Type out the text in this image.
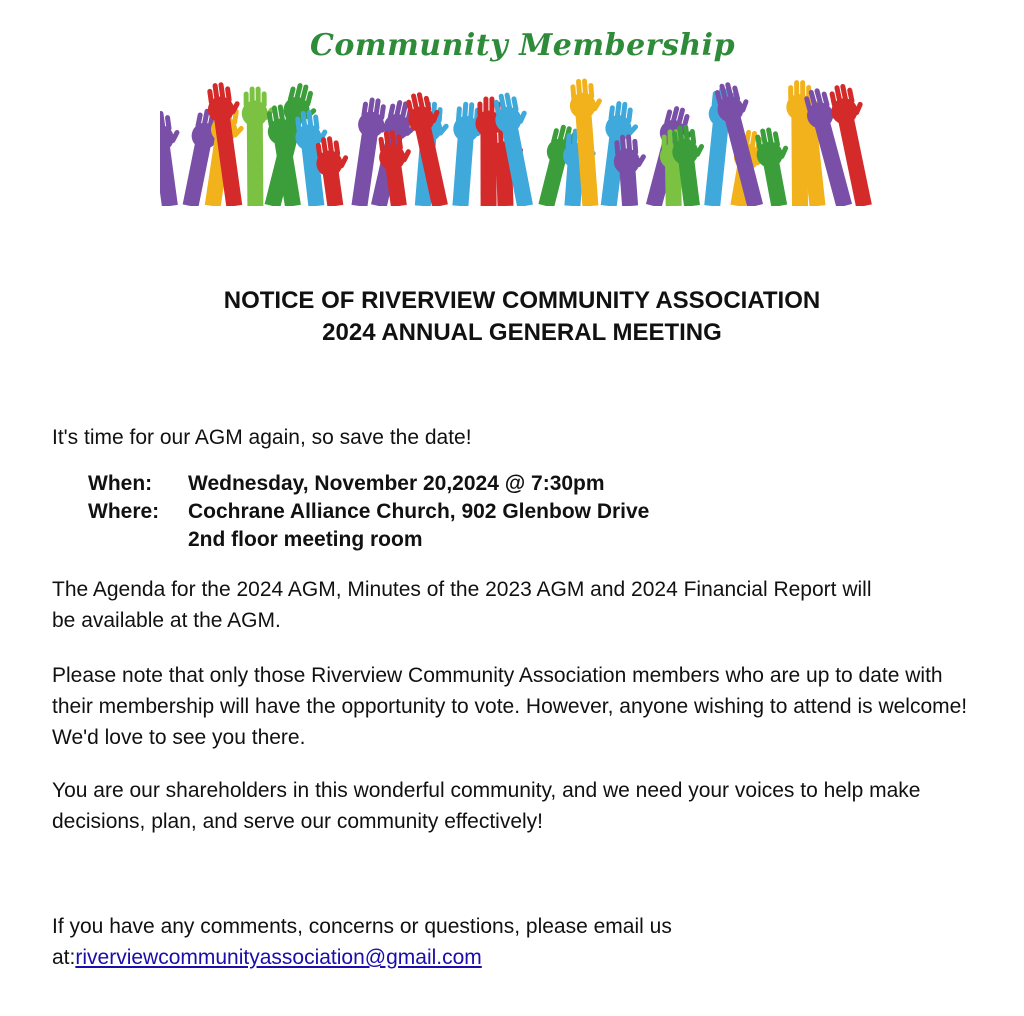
Community Membership
NOTICE OF RIVERVIEW COMMUNITY ASSOCIATION
2024 ANNUAL GENERAL MEETING
It's time for our AGM again, so save the date!
When:	Wednesday, November 20,2024 @ 7:30pm
Where:	Cochrane Alliance Church, 902 Glenbow Drive
2nd floor meeting room
The Agenda for the 2024 AGM, Minutes of the 2023 AGM and 2024 Financial Report will be available at the AGM.
Please note that only those Riverview Community Association members who are up to date with their membership will have the opportunity to vote. However, anyone wishing to attend is welcome! We'd love to see you there.
You are our shareholders in this wonderful community, and we need your voices to help make decisions, plan, and serve our community effectively!
If you have any comments, concerns or questions, please email us at:riverviewcommunityassociation@gmail.com
